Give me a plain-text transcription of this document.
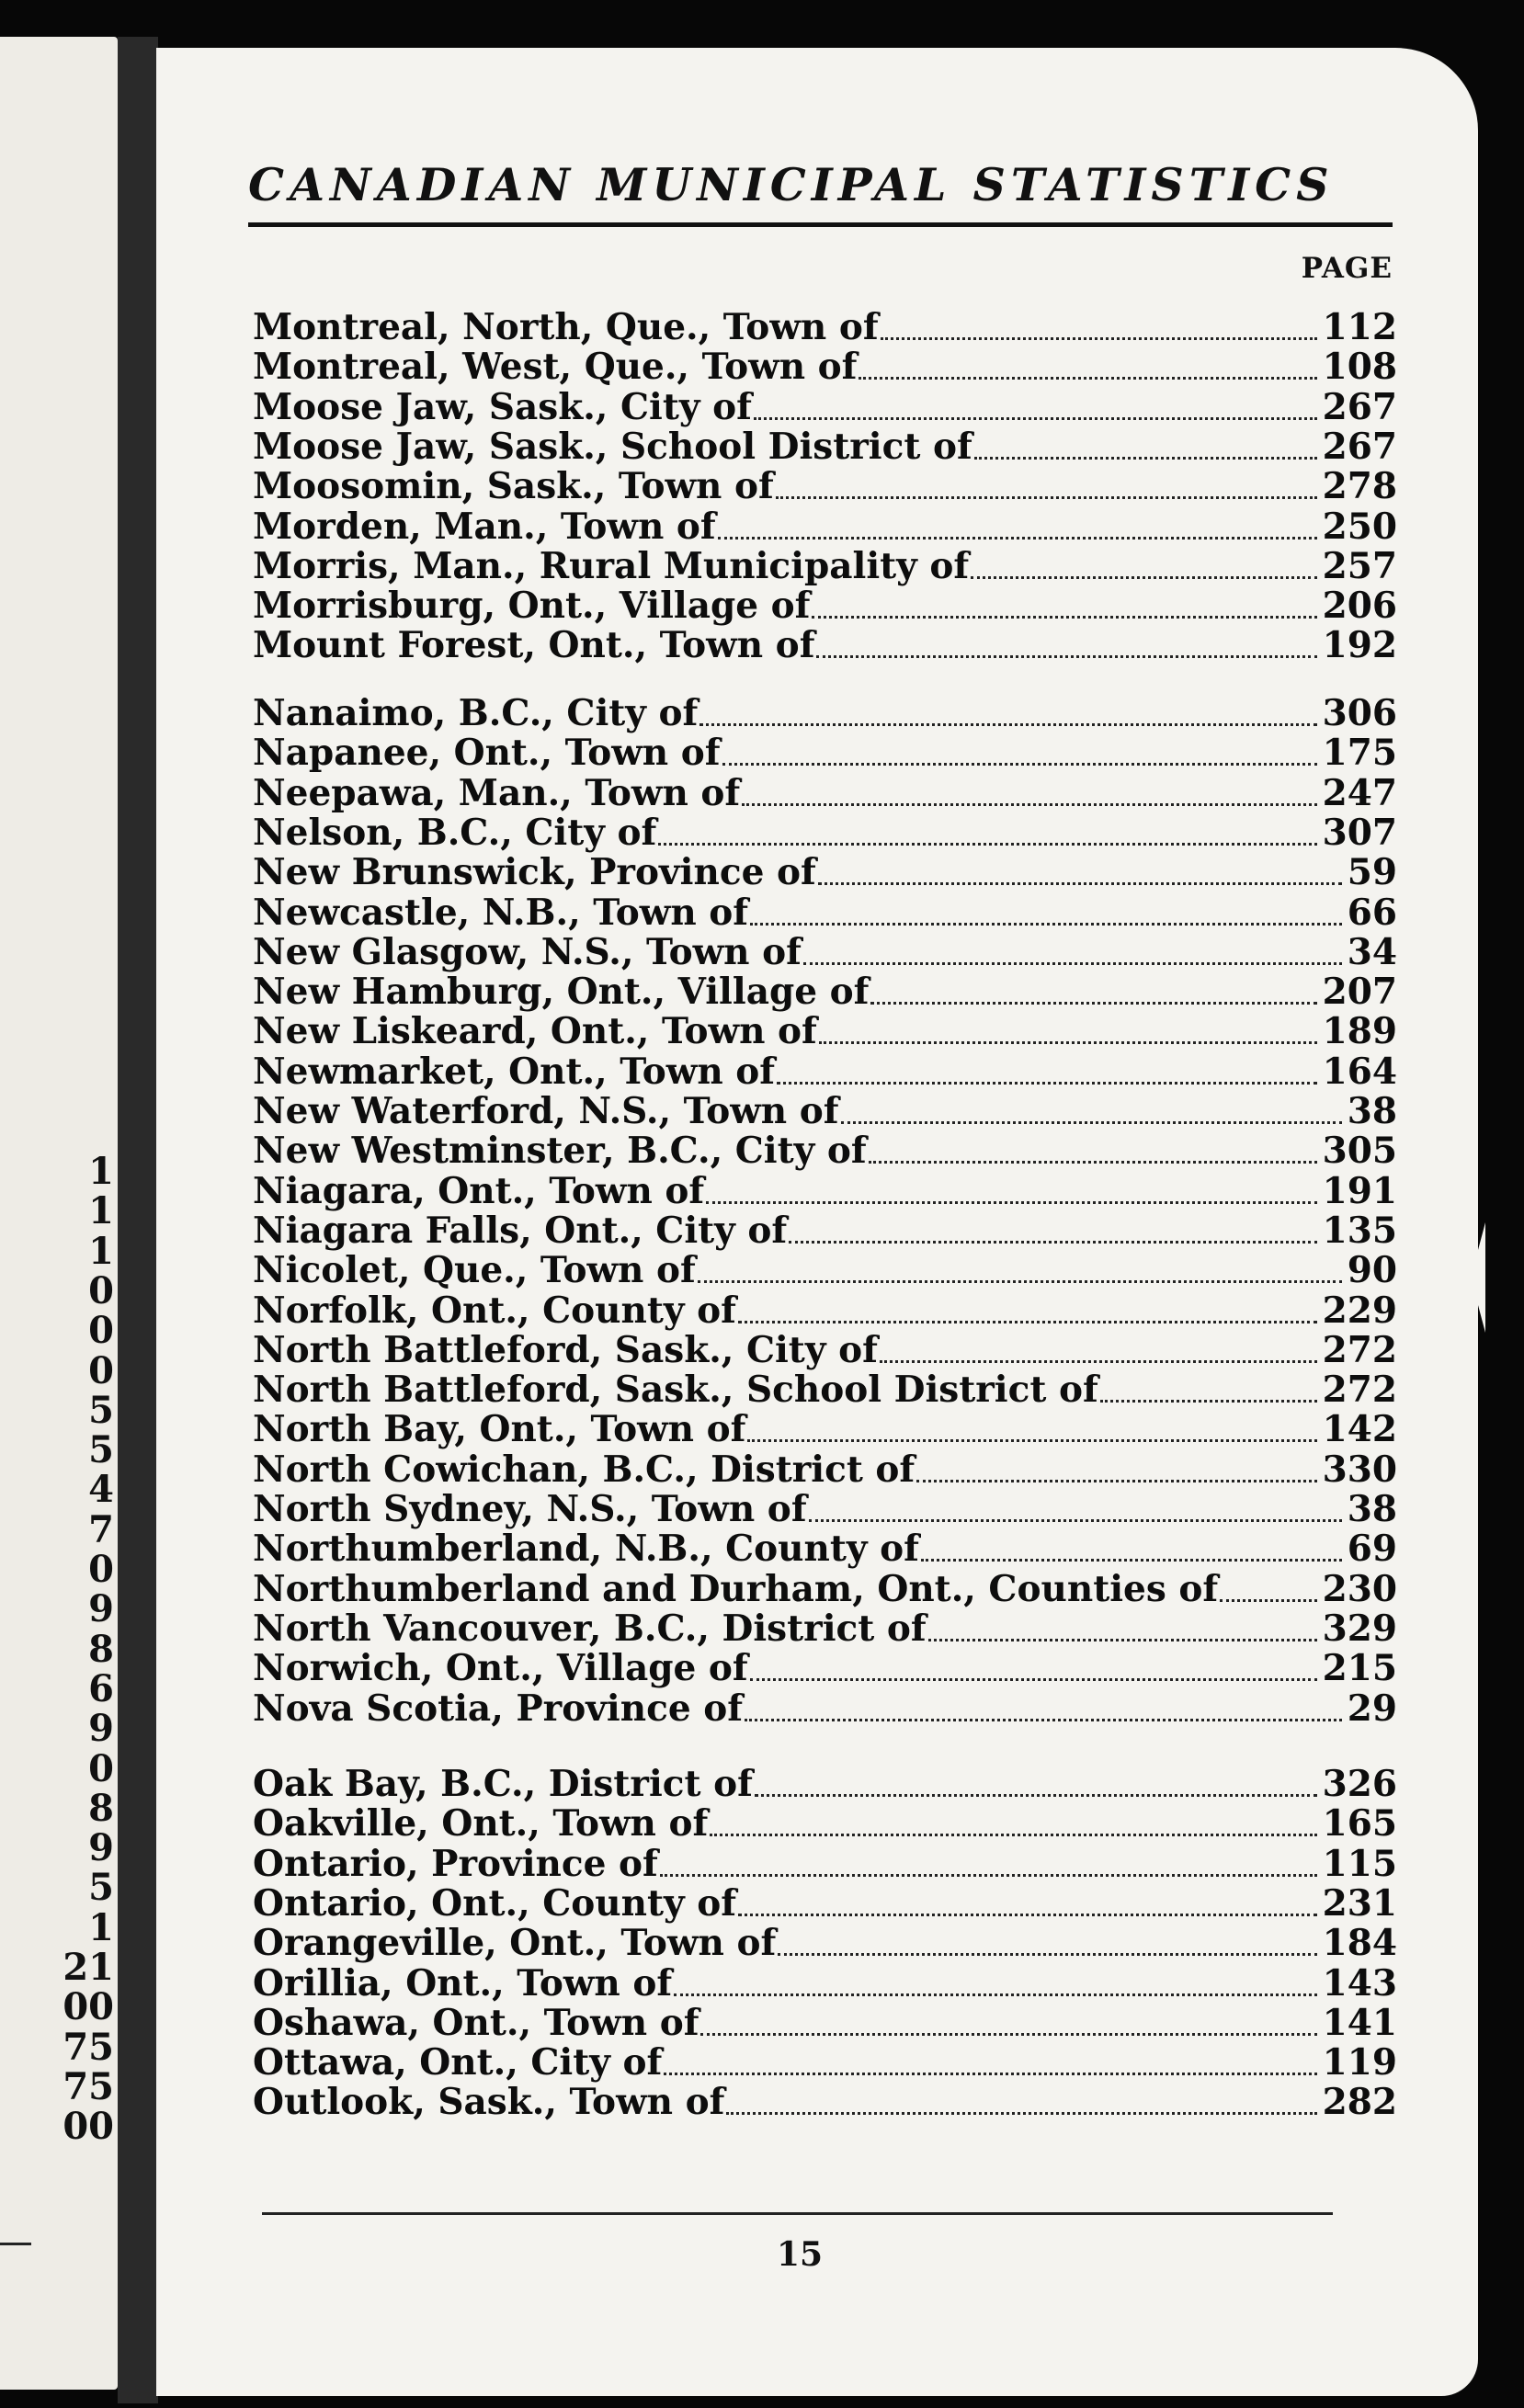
1
1
1
0
0
0
5
5
4
7
0
9
8
6
9
0
8
9
5
1
21
00
75
75
00
CANADIAN MUNICIPAL STATISTICS
PAGE
Montreal, North, Que., Town of	112
Montreal, West, Que., Town of	108
Moose Jaw, Sask., City of	267
Moose Jaw, Sask., School District of	267
Moosomin, Sask., Town of	278
Morden, Man., Town of	250
Morris, Man., Rural Municipality of	257
Morrisburg, Ont., Village of	206
Mount Forest, Ont., Town of	192
Nanaimo, B.C., City of	306
Napanee, Ont., Town of	175
Neepawa, Man., Town of	247
Nelson, B.C., City of	307
New Brunswick, Province of	59
Newcastle, N.B., Town of	66
New Glasgow, N.S., Town of	34
New Hamburg, Ont., Village of	207
New Liskeard, Ont., Town of	189
Newmarket, Ont., Town of	164
New Waterford, N.S., Town of	38
New Westminster, B.C., City of	305
Niagara, Ont., Town of	191
Niagara Falls, Ont., City of	135
Nicolet, Que., Town of	90
Norfolk, Ont., County of	229
North Battleford, Sask., City of	272
North Battleford, Sask., School District of	272
North Bay, Ont., Town of	142
North Cowichan, B.C., District of	330
North Sydney, N.S., Town of	38
Northumberland, N.B., County of	69
Northumberland and Durham, Ont., Counties of	230
North Vancouver, B.C., District of	329
Norwich, Ont., Village of	215
Nova Scotia, Province of	29
Oak Bay, B.C., District of	326
Oakville, Ont., Town of	165
Ontario, Province of	115
Ontario, Ont., County of	231
Orangeville, Ont., Town of	184
Orillia, Ont., Town of	143
Oshawa, Ont., Town of	141
Ottawa, Ont., City of	119
Outlook, Sask., Town of	282
15
